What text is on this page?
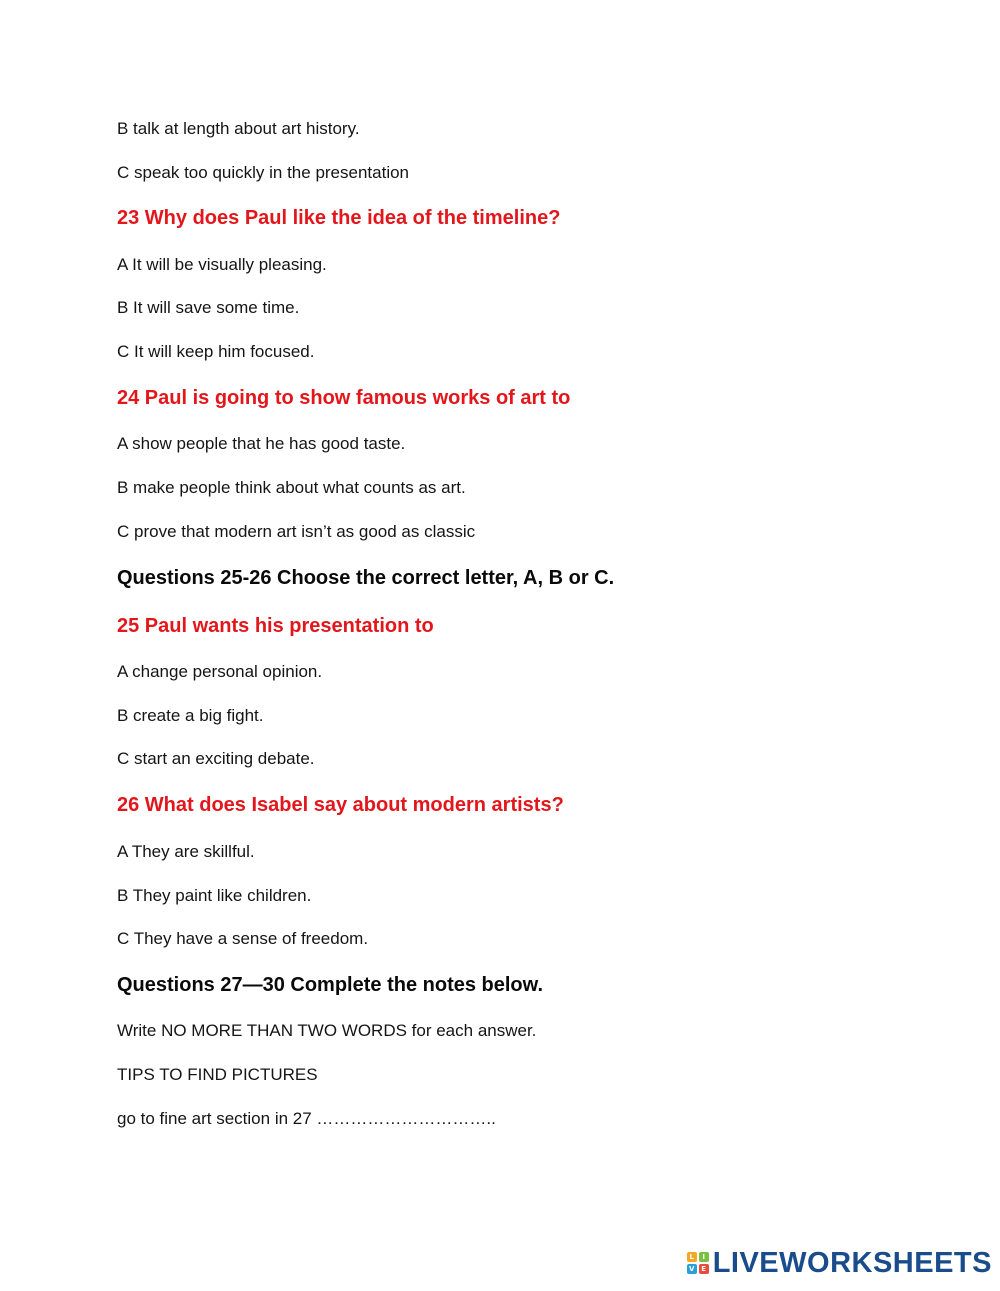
B talk at length about art history.
C speak too quickly in the presentation
23 Why does Paul like the idea of the timeline?
A It will be visually pleasing.
B It will save some time.
C It will keep him focused.
24 Paul is going to show famous works of art to
A show people that he has good taste.
B make people think about what counts as art.
C prove that modern art isn’t as good as classic
Questions 25-26 Choose the correct letter, A, B or C.
25 Paul wants his presentation to
A change personal opinion.
B create a big fight.
C start an exciting debate.
26 What does Isabel say about modern artists?
A They are skillful.
B They paint like children.
C They have a sense of freedom.
Questions 27—30 Complete the notes below.
Write NO MORE THAN TWO WORDS for each answer.
TIPS TO FIND PICTURES
go to fine art section in 27 …………………………..
L	I
V E LIVEWORKSHEETS
